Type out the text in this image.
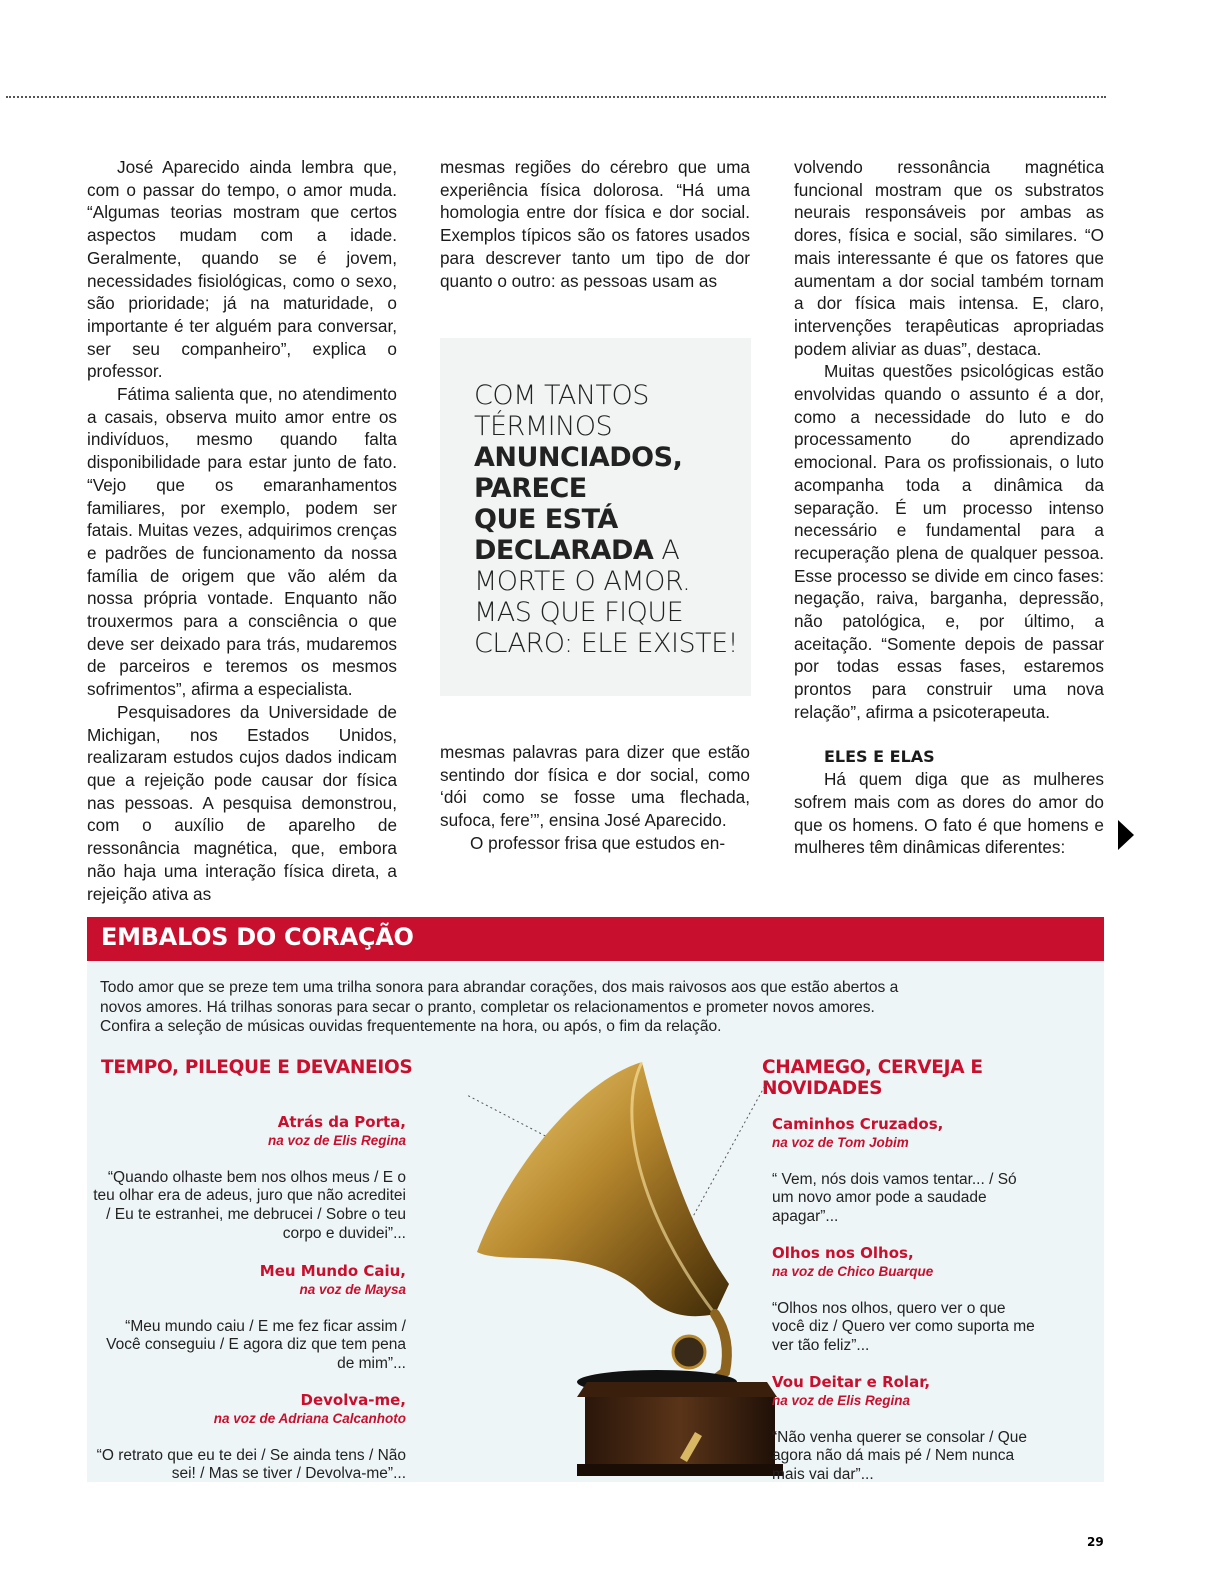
José Aparecido ainda lembra que, com o passar do tempo, o amor muda. “Algumas teorias mostram que certos aspectos mudam com a idade. Geralmente, quando se é jovem, necessidades fisiológicas, como o sexo, são prioridade; já na maturidade, o importante é ter alguém para conversar, ser seu companheiro”, explica o professor.

Fátima salienta que, no atendimento a casais, observa muito amor entre os indivíduos, mesmo quando falta disponibilidade para estar junto de fato. “Vejo que os emaranhamentos familiares, por exemplo, podem ser fatais. Muitas vezes, adquirimos crenças e padrões de funcionamento da nossa família de origem que vão além da nossa própria vontade. Enquanto não trouxermos para a consciência o que deve ser deixado para trás, mudaremos de parceiros e teremos os mesmos sofrimentos”, afirma a especialista.

Pesquisadores da Universidade de Michigan, nos Estados Unidos, realizaram estudos cujos dados indicam que a rejeição pode causar dor física nas pessoas. A pesquisa demonstrou, com o auxílio de aparelho de ressonância magnética, que, embora não haja uma interação física direta, a rejeição ativa as

mesmas regiões do cérebro que uma experiência física dolorosa. “Há uma homologia entre dor física e dor social. Exemplos típicos são os fatores usados para descrever tanto um tipo de dor quanto o outro: as pessoas usam as

COM TANTOS
TÉRMINOS
ANUNCIADOS,
PARECE
QUE ESTÁ
DECLARADA A
MORTE O AMOR.
MAS QUE FIQUE
CLARO: ELE EXISTE!

mesmas palavras para dizer que estão sentindo dor física e dor social, como ‘dói como se fosse uma flechada, sufoca, fere’”, ensina José Aparecido.

O professor frisa que estudos en-

volvendo ressonância magnética funcional mostram que os substratos neurais responsáveis por ambas as dores, física e social, são similares. “O mais interessante é que os fatores que aumentam a dor social também tornam a dor física mais intensa. E, claro, intervenções terapêuticas apropriadas podem aliviar as duas”, destaca.

Muitas questões psicológicas estão envolvidas quando o assunto é a dor, como a necessidade do luto e do processamento do aprendizado emocional. Para os profissionais, o luto acompanha toda a dinâmica da separação. É um processo intenso necessário e fundamental para a recuperação plena de qualquer pessoa. Esse processo se divide em cinco fases: negação, raiva, barganha, depressão, não patológica, e, por último, a aceitação. “Somente depois de passar por todas essas fases, estaremos prontos para construir uma nova relação”, afirma a psicoterapeuta.

ELES E ELAS

Há quem diga que as mulheres sofrem mais com as dores do amor do que os homens. O fato é que homens e mulheres têm dinâmicas diferentes:

EMBALOS DO CORAÇÃO
Todo amor que se preze tem uma trilha sonora para abrandar corações, dos mais raivosos aos que estão abertos a novos amores. Há trilhas sonoras para secar o pranto, completar os relacionamentos e prometer novos amores. Confira a seleção de músicas ouvidas frequentemente na hora, ou após, o fim da relação.
TEMPO, PILEQUE E DEVANEIOS	CHAMEGO, CERVEJA E NOVIDADES
Atrás da Porta,
na voz de Elis Regina
“Quando olhaste bem nos olhos meus / E o teu olhar era de adeus, juro que não acreditei / Eu te estranhei, me debrucei / Sobre o teu corpo e duvidei”...
Meu Mundo Caiu,
na voz de Maysa
“Meu mundo caiu / E me fez ficar assim / Você conseguiu / E agora diz que tem pena de mim”...
Devolva-me,
na voz de Adriana Calcanhoto
“O retrato que eu te dei / Se ainda tens / Não sei! / Mas se tiver / Devolva-me”...
Caminhos Cruzados,
na voz de Tom Jobim
“ Vem, nós dois vamos tentar... / Só um novo amor pode a saudade apagar”...
Olhos nos Olhos,
na voz de Chico Buarque
“Olhos nos olhos, quero ver o que você diz / Quero ver como suporta me ver tão feliz”...
Vou Deitar e Rolar,
na voz de Elis Regina
“Não venha querer se consolar / Que agora não dá mais pé / Nem nunca mais vai dar”...
29
